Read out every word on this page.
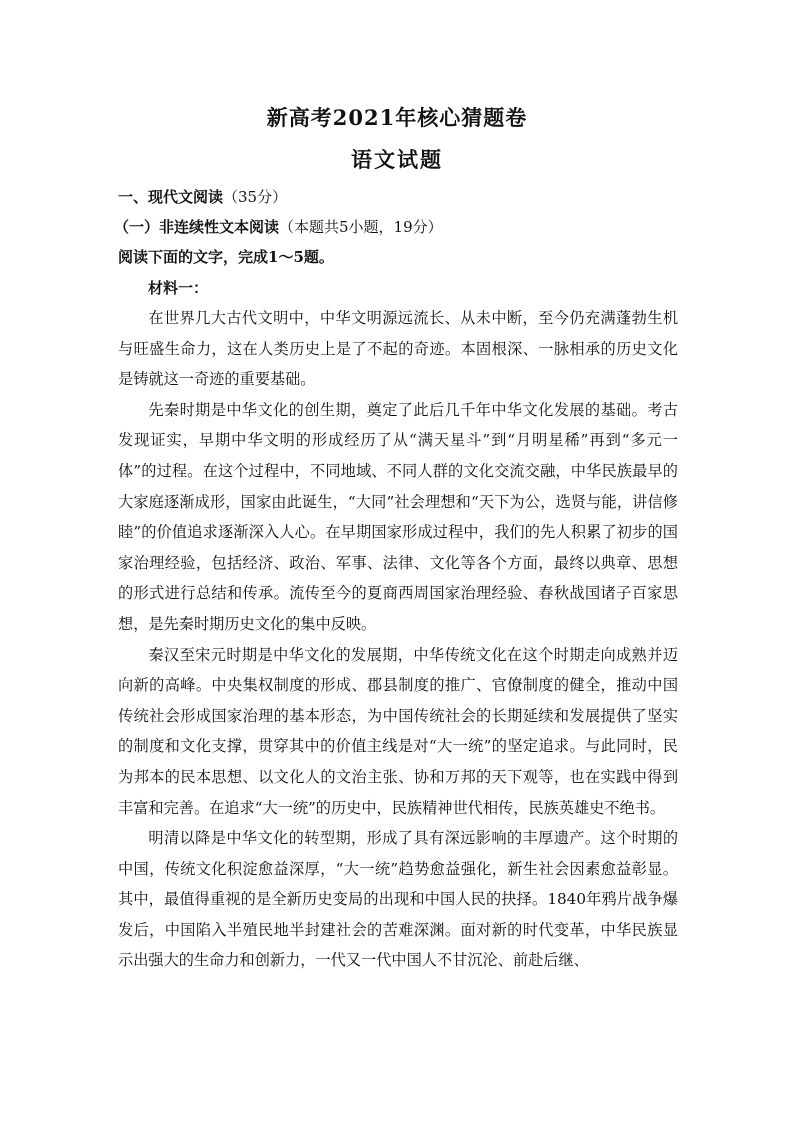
新高考2021年核心猜题卷
语文试题
一、现代文阅读（35分）
（一）非连续性文本阅读（本题共5小题，19分）
阅读下面的文字，完成1～5题。
材料一：

在世界几大古代文明中，中华文明源远流长、从未中断，至今仍充满蓬勃生机与旺盛生命力，这在人类历史上是了不起的奇迹。本固根深、一脉相承的历史文化是铸就这一奇迹的重要基础。

先秦时期是中华文化的创生期，奠定了此后几千年中华文化发展的基础。考古发现证实，早期中华文明的形成经历了从“满天星斗”到“月明星稀”再到“多元一体”的过程。在这个过程中，不同地域、不同人群的文化交流交融，中华民族最早的大家庭逐渐成形，国家由此诞生，“大同”社会理想和“天下为公，选贤与能，讲信修睦”的价值追求逐渐深入人心。在早期国家形成过程中，我们的先人积累了初步的国家治理经验，包括经济、政治、军事、法律、文化等各个方面，最终以典章、思想的形式进行总结和传承。流传至今的夏商西周国家治理经验、春秋战国诸子百家思想，是先秦时期历史文化的集中反映。

秦汉至宋元时期是中华文化的发展期，中华传统文化在这个时期走向成熟并迈向新的高峰。中央集权制度的形成、郡县制度的推广、官僚制度的健全，推动中国传统社会形成国家治理的基本形态，为中国传统社会的长期延续和发展提供了坚实的制度和文化支撑，贯穿其中的价值主线是对“大一统”的坚定追求。与此同时，民为邦本的民本思想、以文化人的文治主张、协和万邦的天下观等，也在实践中得到丰富和完善。在追求“大一统”的历史中，民族精神世代相传，民族英雄史不绝书。

明清以降是中华文化的转型期，形成了具有深远影响的丰厚遗产。这个时期的中国，传统文化积淀愈益深厚，“大一统”趋势愈益强化，新生社会因素愈益彰显。其中，最值得重视的是全新历史变局的出现和中国人民的抉择。1840年鸦片战争爆发后，中国陷入半殖民地半封建社会的苦难深渊。面对新的时代变革，中华民族显示出强大的生命力和创新力，一代又一代中国人不甘沉沦、前赴后继、
